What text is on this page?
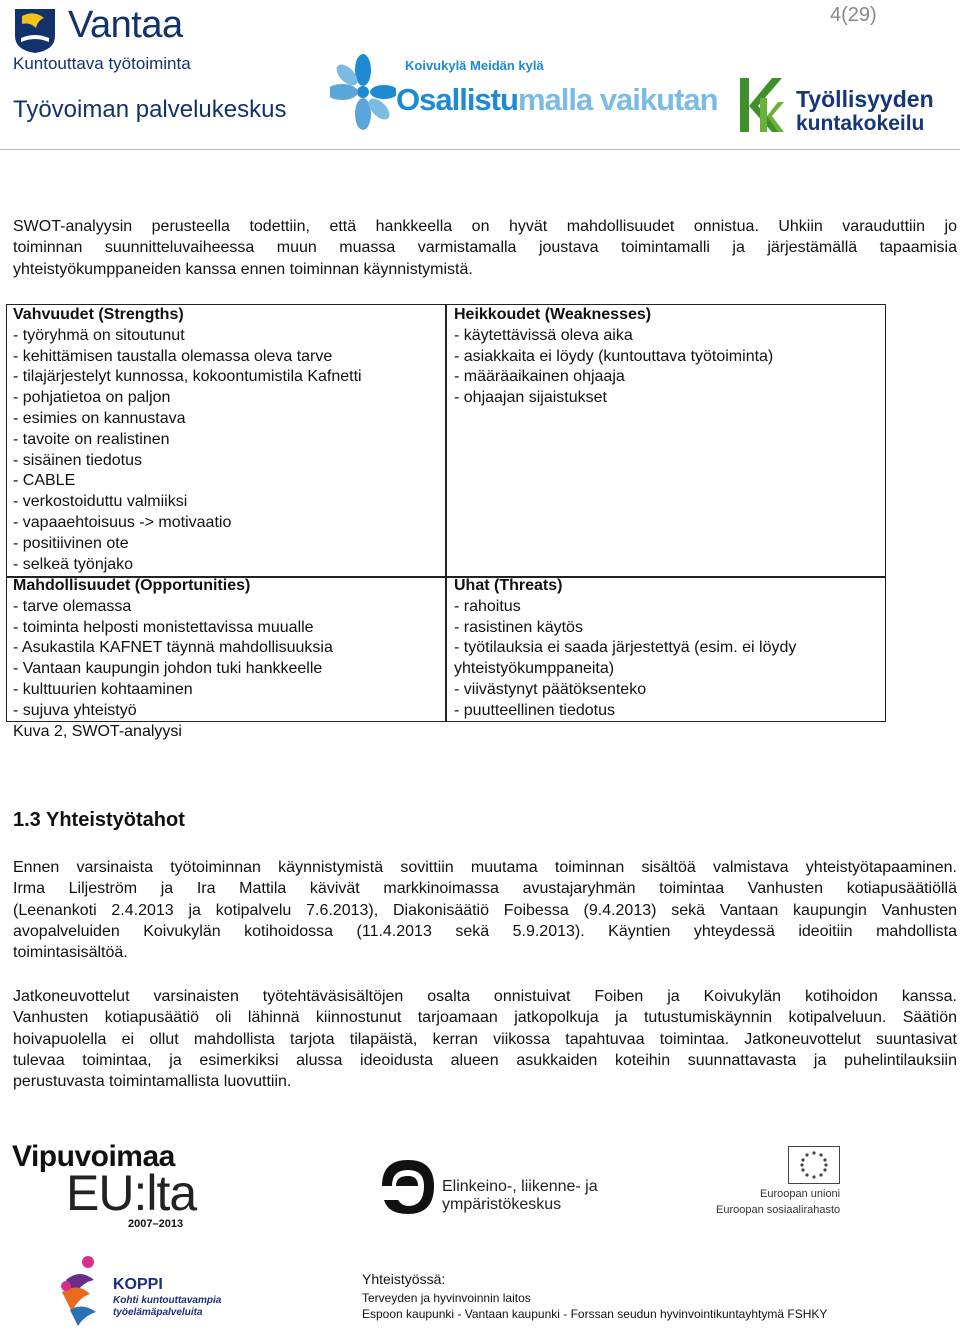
Vantaa
Kuntouttava työtoiminta
Työvoiman palvelukeskus
4(29)
Koivukylä Meidän kylä
Osallistumalla vaikutan	Työllisyyden
kuntakokeilu
SWOT-analyysin perusteella todettiin, että hankkeella on hyvät mahdollisuudet onnistua. Uhkiin varauduttiin jo
toiminnan suunnitteluvaiheessa muun muassa varmistamalla joustava toimintamalli ja järjestämällä tapaamisia
yhteistyökumppaneiden kanssa ennen toiminnan käynnistymistä.
Vahvuudet (Strengths)
- työryhmä on sitoutunut
- kehittämisen taustalla olemassa oleva tarve
- tilajärjestelyt kunnossa, kokoontumistila Kafnetti
- pohjatietoa on paljon
- esimies on kannustava
- tavoite on realistinen
- sisäinen tiedotus
- CABLE
- verkostoiduttu valmiiksi
- vapaaehtoisuus -> motivaatio
- positiivinen ote
- selkeä työnjako
Heikkoudet (Weaknesses)
- käytettävissä oleva aika
- asiakkaita ei löydy (kuntouttava työtoiminta)
- määräaikainen ohjaaja
- ohjaajan sijaistukset
Mahdollisuudet (Opportunities)
- tarve olemassa
- toiminta helposti monistettavissa muualle
- Asukastila KAFNET täynnä mahdollisuuksia
- Vantaan kaupungin johdon tuki hankkeelle
- kulttuurien kohtaaminen
- sujuva yhteistyö
Uhat (Threats)
- rahoitus
- rasistinen käytös
- työtilauksia ei saada järjestettyä (esim. ei löydy
yhteistyökumppaneita)
- viivästynyt päätöksenteko
- puutteellinen tiedotus
Kuva 2, SWOT-analyysi
1.3 Yhteistyötahot
Ennen varsinaista työtoiminnan käynnistymistä sovittiin muutama toiminnan sisältöä valmistava yhteistyötapaaminen.
Irma Liljeström ja Ira Mattila kävivät markkinoimassa avustajaryhmän toimintaa Vanhusten kotiapusäätiöllä
(Leenankoti 2.4.2013 ja kotipalvelu 7.6.2013), Diakonisäätiö Foibessa (9.4.2013) sekä Vantaan kaupungin Vanhusten
avopalveluiden Koivukylän kotihoidossa (11.4.2013 sekä 5.9.2013). Käyntien yhteydessä ideoitiin mahdollista
toimintasisältöä.
Jatkoneuvottelut varsinaisten työtehtäväsisältöjen osalta onnistuivat Foiben ja Koivukylän kotihoidon kanssa.
Vanhusten kotiapusäätiö oli lähinnä kiinnostunut tarjoamaan jatkopolkuja ja tutustumiskäynnin kotipalveluun. Säätiön
hoivapuolella ei ollut mahdollista tarjota tilapäistä, kerran viikossa tapahtuvaa toimintaa. Jatkoneuvottelut suuntasivat
tulevaa toimintaa, ja esimerkiksi alussa ideoidusta alueen asukkaiden koteihin suunnattavasta ja puhelintilauksiin
perustuvasta toimintamallista luovuttiin.
Vipuvoimaa
EU:lta
2007–2013
Elinkeino-, liikenne- ja
ympäristökeskus
Euroopan unioni
Euroopan sosiaalirahasto
KOPPI
Kohti kuntouttavampia
työelämäpalveluita
Yhteistyössä:
Terveyden ja hyvinvoinnin laitos
Espoon kaupunki - Vantaan kaupunki - Forssan seudun hyvinvointikuntayhtymä FSHKY
